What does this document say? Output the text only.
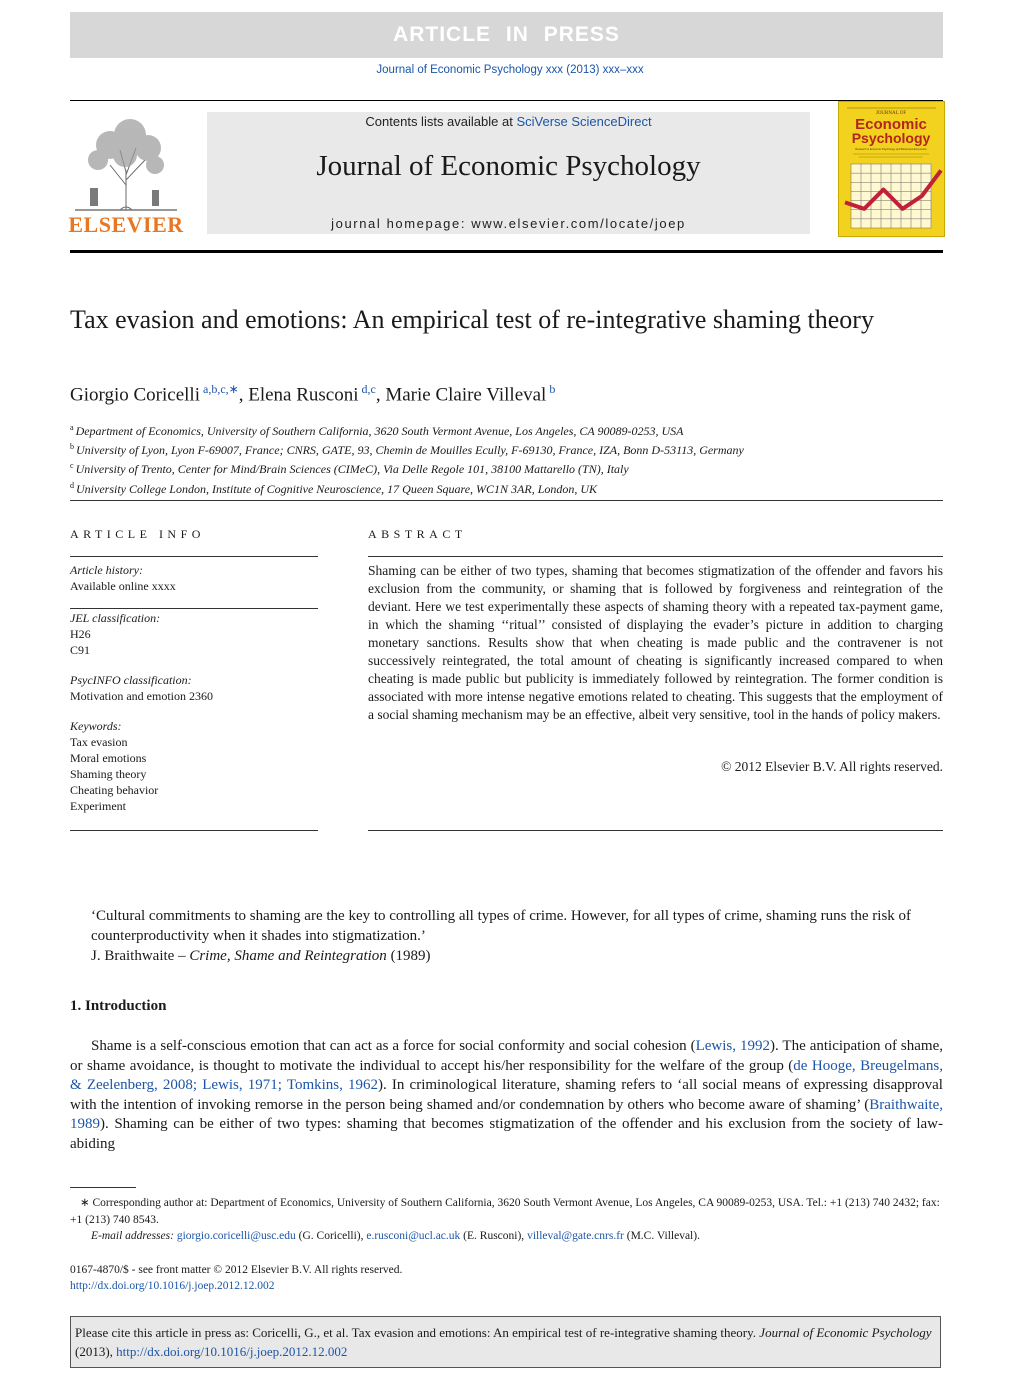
ARTICLE IN PRESS
Journal of Economic Psychology xxx (2013) xxx–xxx
ELSEVIER
Contents lists available at SciVerse ScienceDirect
Journal of Economic Psychology
journal homepage: www.elsevier.com/locate/joep
JOURNAL OF
Economic
Psychology
Research in Economic Psychology and Behavioral Economics
Tax evasion and emotions: An empirical test of re-integrative shaming theory
Giorgio Coricelli $^{a,b,c,∗}$, Elena Rusconi $^{d,c}$, Marie Claire Villeval $^b$
$^a$ Department of Economics, University of Southern California, 3620 South Vermont Avenue, Los Angeles, CA 90089-0253, USA
$^b$ University of Lyon, Lyon F-69007, France; CNRS, GATE, 93, Chemin de Mouilles Ecully, F-69130, France, IZA, Bonn D-53113, Germany
$^c$ University of Trento, Center for Mind/Brain Sciences (CIMeC), Via Delle Regole 101, 38100 Mattarello (TN), Italy
$^d$ University College London, Institute of Cognitive Neuroscience, 17 Queen Square, WC1N 3AR, London, UK
ARTICLE INFO	ABSTRACT
Article history:
Available online xxxx
JEL classification:
H26
C91
PsycINFO classification:
Motivation and emotion 2360
Keywords:
Tax evasion
Moral emotions
Shaming theory
Cheating behavior
Experiment
Shaming can be either of two types, shaming that becomes stigmatization of the offender and favors his exclusion from the community, or shaming that is followed by forgiveness and reintegration of the deviant. Here we test experimentally these aspects of shaming theory with a repeated tax-payment game, in which the shaming ‘‘ritual’’ consisted of displaying the evader’s picture in addition to charging monetary sanctions. Results show that when cheating is made public and the contravener is not successively reintegrated, the total amount of cheating is significantly increased compared to when cheating is made public but publicity is immediately followed by reintegration. The former condition is associated with more intense negative emotions related to cheating. This suggests that the employment of a social shaming mechanism may be an effective, albeit very sensitive, tool in the hands of policy makers.
© 2012 Elsevier B.V. All rights reserved.
‘Cultural commitments to shaming are the key to controlling all types of crime. However, for all types of crime, shaming runs the risk of counterproductivity when it shades into stigmatization.’
J. Braithwaite – Crime, Shame and Reintegration (1989)
1. Introduction
Shame is a self-conscious emotion that can act as a force for social conformity and social cohesion (Lewis, 1992). The anticipation of shame, or shame avoidance, is thought to motivate the individual to accept his/her responsibility for the welfare of the group (de Hooge, Breugelmans, & Zeelenberg, 2008; Lewis, 1971; Tomkins, 1962). In criminological literature, shaming refers to ‘all social means of expressing disapproval with the intention of invoking remorse in the person being shamed and/or condemnation by others who become aware of shaming’ (Braithwaite, 1989). Shaming can be either of two types: shaming that becomes stigmatization of the offender and his exclusion from the society of law-abiding
∗ Corresponding author at: Department of Economics, University of Southern California, 3620 South Vermont Avenue, Los Angeles, CA 90089-0253, USA. Tel.: +1 (213) 740 2432; fax: +1 (213) 740 8543.
E-mail addresses: giorgio.coricelli@usc.edu (G. Coricelli), e.rusconi@ucl.ac.uk (E. Rusconi), villeval@gate.cnrs.fr (M.C. Villeval).
0167-4870/$ - see front matter © 2012 Elsevier B.V. All rights reserved.
http://dx.doi.org/10.1016/j.joep.2012.12.002
Please cite this article in press as: Coricelli, G., et al. Tax evasion and emotions: An empirical test of re-integrative shaming theory. Journal of Economic Psychology (2013), http://dx.doi.org/10.1016/j.joep.2012.12.002
